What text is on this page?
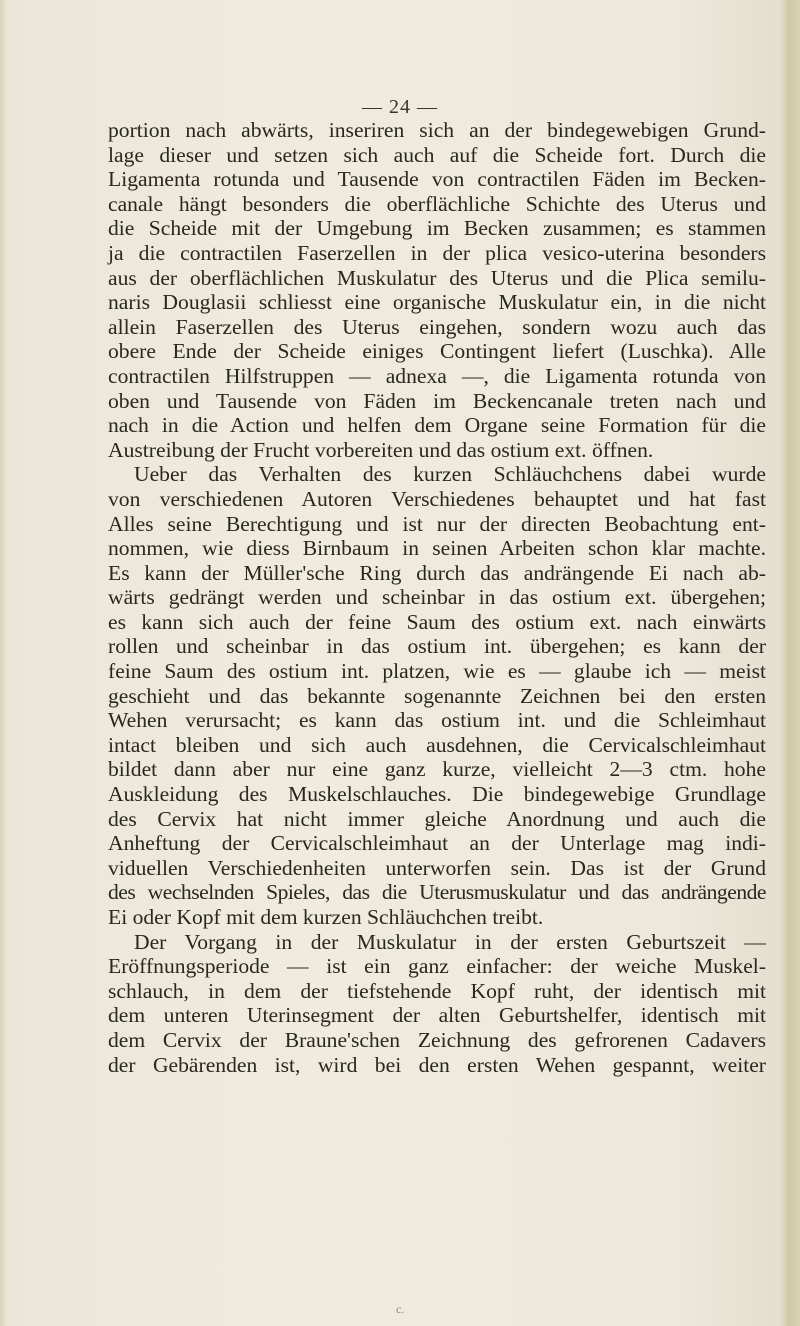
— 24 —
portion nach abwärts, inseriren sich an der bindegewebigen Grund-
lage dieser und setzen sich auch auf die Scheide fort. Durch die
Ligamenta rotunda und Tausende von contractilen Fäden im Becken-
canale hängt besonders die oberflächliche Schichte des Uterus und
die Scheide mit der Umgebung im Becken zusammen; es stammen
ja die contractilen Faserzellen in der plica vesico-uterina besonders
aus der oberflächlichen Muskulatur des Uterus und die Plica semilu-
naris Douglasii schliesst eine organische Muskulatur ein, in die nicht
allein Faserzellen des Uterus eingehen, sondern wozu auch das
obere Ende der Scheide einiges Contingent liefert (Luschka). Alle
contractilen Hilfstruppen — adnexa —, die Ligamenta rotunda von
oben und Tausende von Fäden im Beckencanale treten nach und
nach in die Action und helfen dem Organe seine Formation für die
Austreibung der Frucht vorbereiten und das ostium ext. öffnen.
Ueber das Verhalten des kurzen Schläuchchens dabei wurde
von verschiedenen Autoren Verschiedenes behauptet und hat fast
Alles seine Berechtigung und ist nur der directen Beobachtung ent-
nommen, wie diess Birnbaum in seinen Arbeiten schon klar machte.
Es kann der Müller'sche Ring durch das andrängende Ei nach ab-
wärts gedrängt werden und scheinbar in das ostium ext. übergehen;
es kann sich auch der feine Saum des ostium ext. nach einwärts
rollen und scheinbar in das ostium int. übergehen; es kann der
feine Saum des ostium int. platzen, wie es — glaube ich — meist
geschieht und das bekannte sogenannte Zeichnen bei den ersten
Wehen verursacht; es kann das ostium int. und die Schleimhaut
intact bleiben und sich auch ausdehnen, die Cervicalschleimhaut
bildet dann aber nur eine ganz kurze, vielleicht 2—3 ctm. hohe
Auskleidung des Muskelschlauches. Die bindegewebige Grundlage
des Cervix hat nicht immer gleiche Anordnung und auch die
Anheftung der Cervicalschleimhaut an der Unterlage mag indi-
viduellen Verschiedenheiten unterworfen sein. Das ist der Grund
des wechselnden Spieles, das die Uterusmuskulatur und das andrängende
Ei oder Kopf mit dem kurzen Schläuchchen treibt.
Der Vorgang in der Muskulatur in der ersten Geburtszeit —
Eröffnungsperiode — ist ein ganz einfacher: der weiche Muskel-
schlauch, in dem der tiefstehende Kopf ruht, der identisch mit
dem unteren Uterinsegment der alten Geburtshelfer, identisch mit
dem Cervix der Braune'schen Zeichnung des gefrorenen Cadavers
der Gebärenden ist, wird bei den ersten Wehen gespannt, weiter
c.
